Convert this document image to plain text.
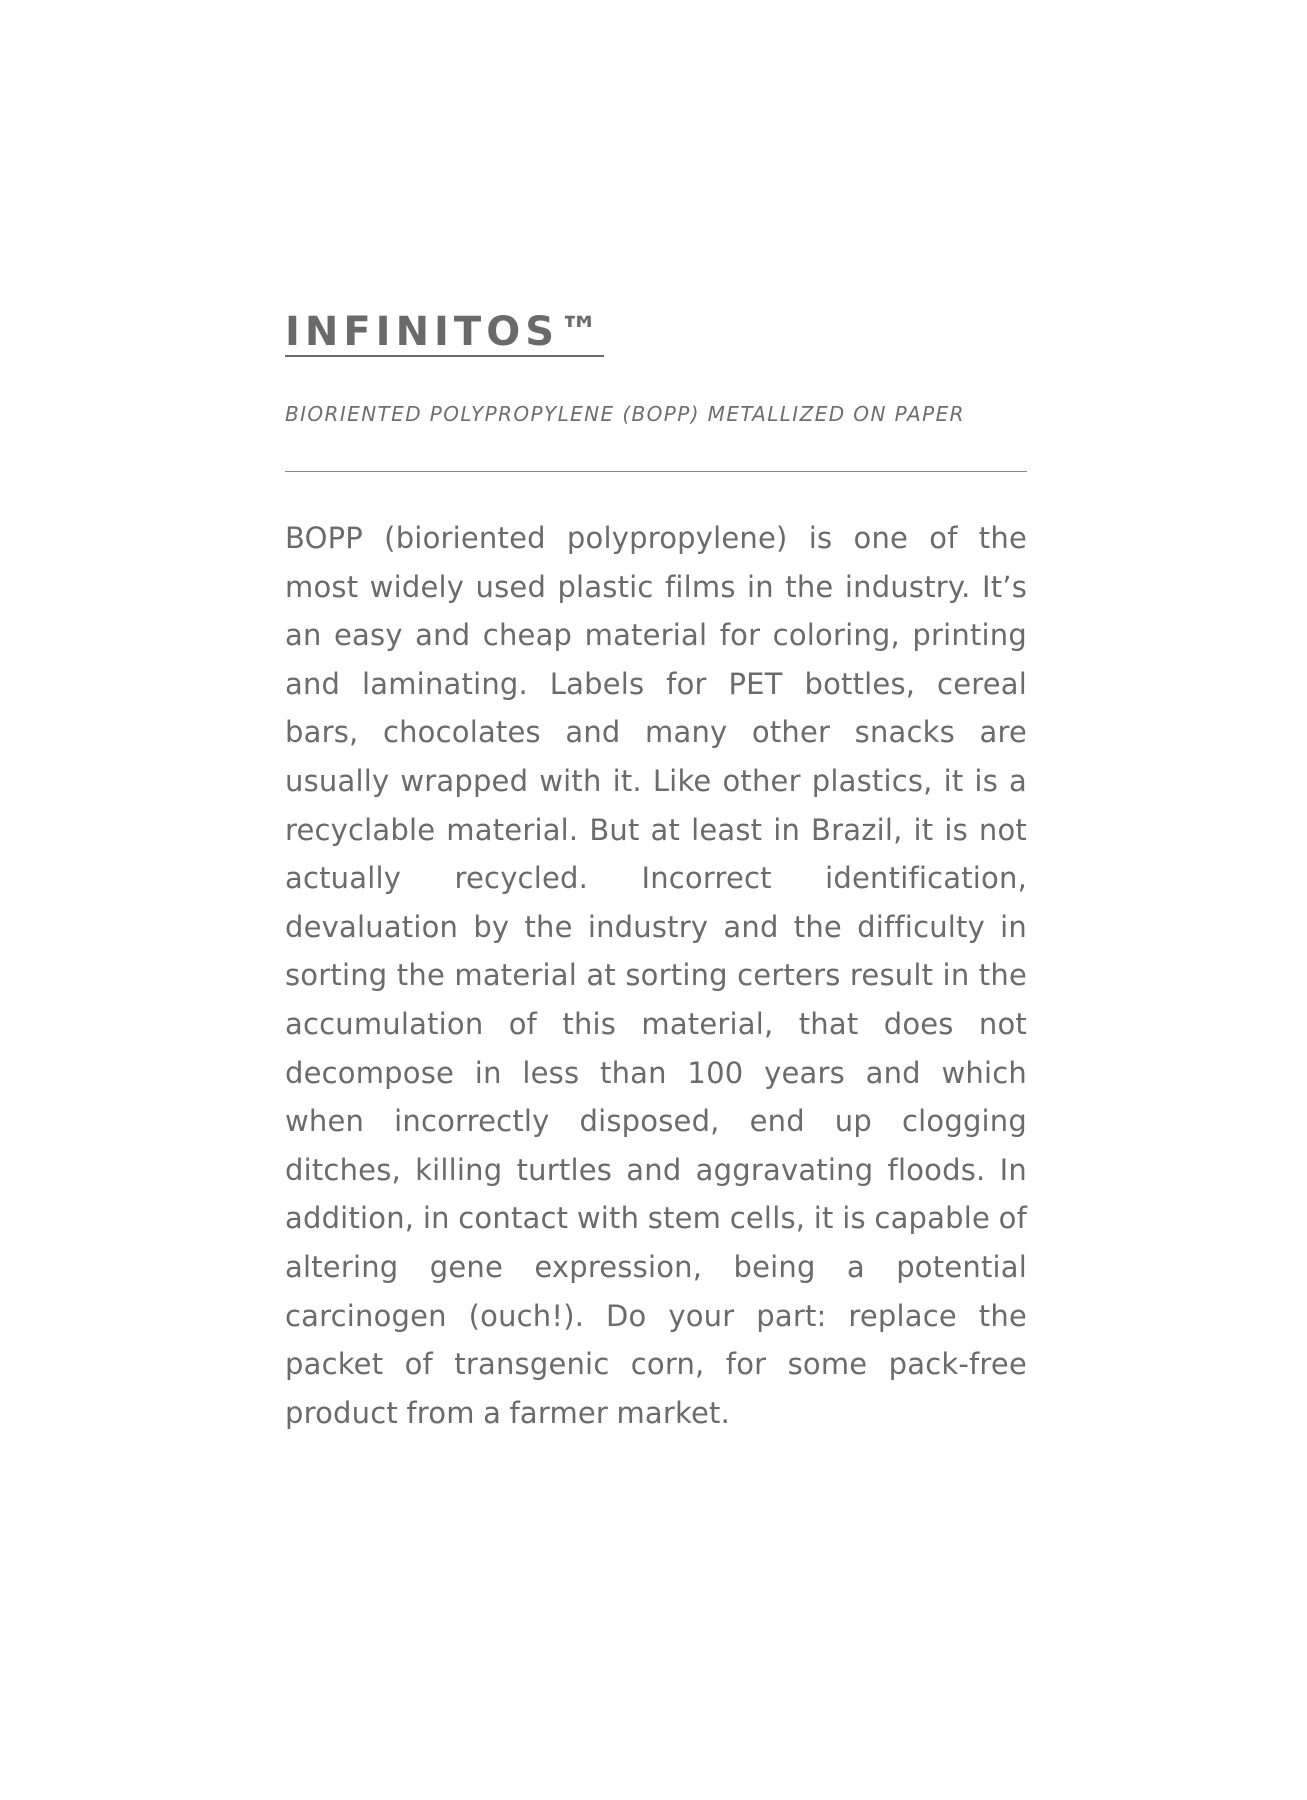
INFINITOS™

BIORIENTED POLYPROPYLENE (BOPP) METALLIZED ON PAPER

BOPP (bioriented polypropylene) is one of the most widely used plastic films in the industry. It’s an easy and cheap material for coloring, printing and laminating. Labels for PET bottles, cereal bars, chocolates and many other snacks are usually wrapped with it. Like other plastics, it is a recyclable material. But at least in Brazil, it is not actually recycled. Incorrect identification, devaluation by the industry and the difficulty in sorting the material at sorting certers result in the accumulation of this material, that does not decompose in less than 100 years and which when incorrectly disposed, end up clogging ditches, killing turtles and aggravating floods. In addition, in contact with stem cells, it is capable of altering gene expression, being a potential carcinogen (ouch!). Do your part: replace the packet of transgenic corn, for some pack-free product from a farmer market.
